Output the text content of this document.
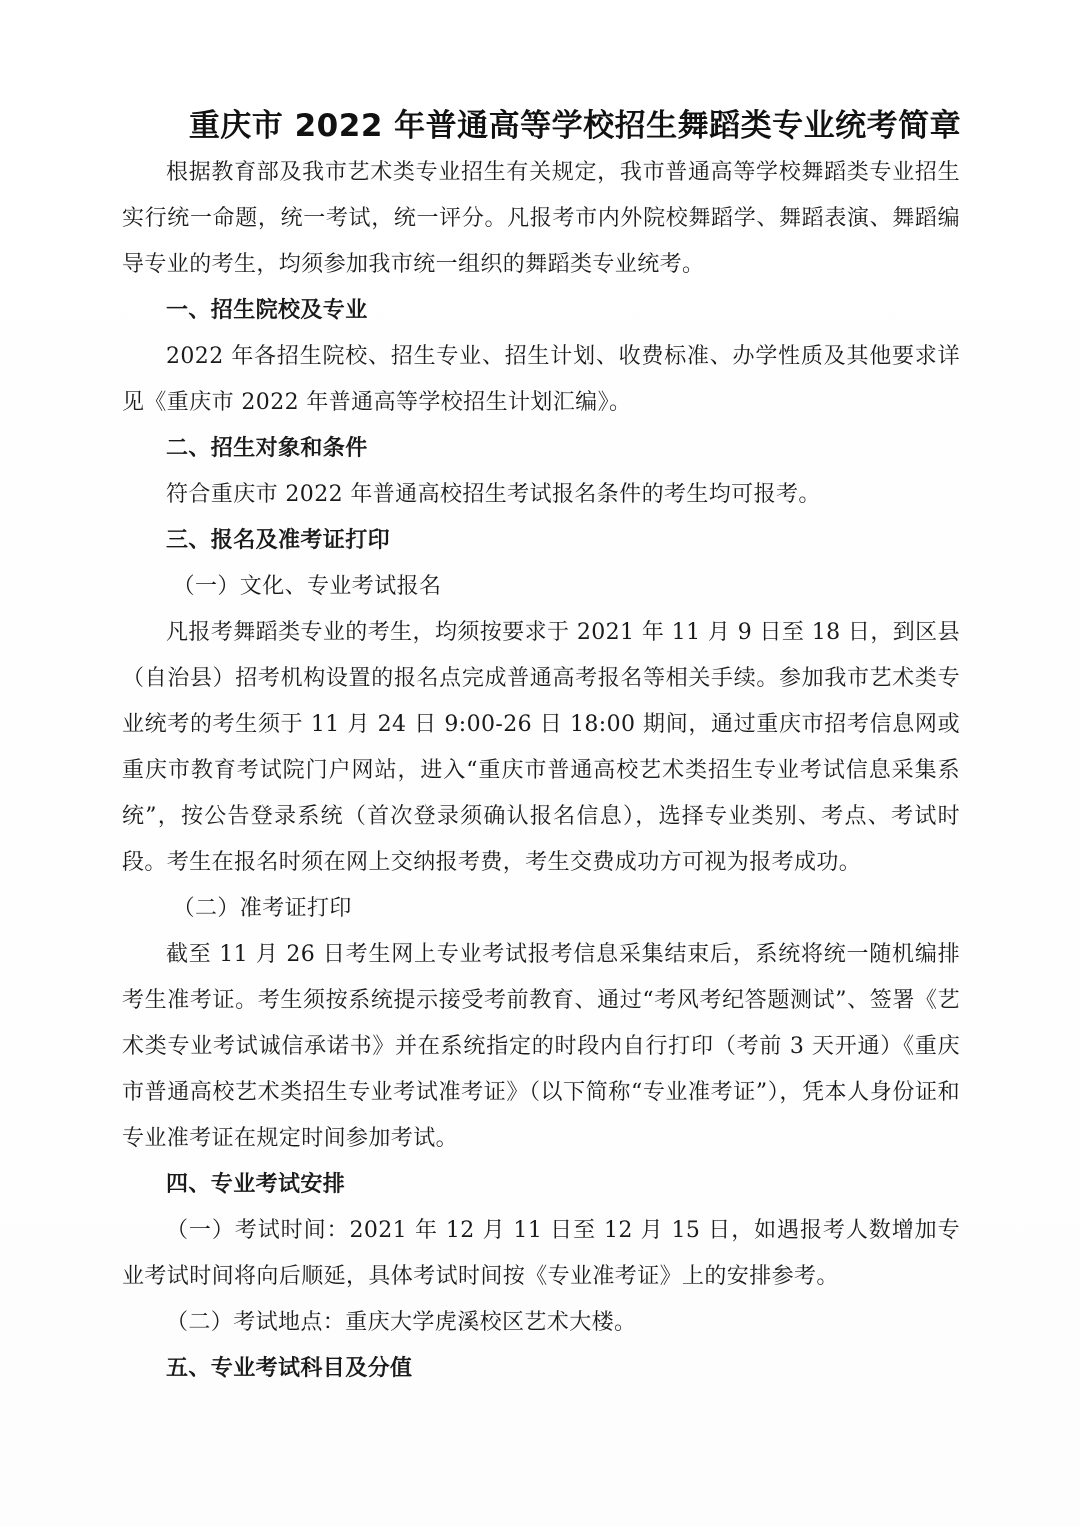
重庆市 2022 年普通高等学校招生舞蹈类专业统考简章

根据教育部及我市艺术类专业招生有关规定，我市普通高等学校舞蹈类专业招生实行统一命题，统一考试，统一评分。凡报考市内外院校舞蹈学、舞蹈表演、舞蹈编导专业的考生，均须参加我市统一组织的舞蹈类专业统考。

一、招生院校及专业

2022 年各招生院校、招生专业、招生计划、收费标准、办学性质及其他要求详见《重庆市 2022 年普通高等学校招生计划汇编》。

二、招生对象和条件

符合重庆市 2022 年普通高校招生考试报名条件的考生均可报考。

三、报名及准考证打印

（一）文化、专业考试报名

凡报考舞蹈类专业的考生，均须按要求于 2021 年 11 月 9 日至 18 日，到区县（自治县）招考机构设置的报名点完成普通高考报名等相关手续。参加我市艺术类专业统考的考生须于 11 月 24 日 9:00-26 日 18:00 期间，通过重庆市招考信息网或重庆市教育考试院门户网站，进入“重庆市普通高校艺术类招生专业考试信息采集系统”，按公告登录系统（首次登录须确认报名信息），选择专业类别、考点、考试时段。考生在报名时须在网上交纳报考费，考生交费成功方可视为报考成功。

（二）准考证打印

截至 11 月 26 日考生网上专业考试报考信息采集结束后，系统将统一随机编排考生准考证。考生须按系统提示接受考前教育、通过“考风考纪答题测试”、签署《艺术类专业考试诚信承诺书》并在系统指定的时段内自行打印（考前 3 天开通）《重庆市普通高校艺术类招生专业考试准考证》（以下简称“专业准考证”），凭本人身份证和专业准考证在规定时间参加考试。

四、专业考试安排

（一）考试时间：2021 年 12 月 11 日至 12 月 15 日，如遇报考人数增加专业考试时间将向后顺延，具体考试时间按《专业准考证》上的安排参考。

（二）考试地点：重庆大学虎溪校区艺术大楼。

五、专业考试科目及分值
